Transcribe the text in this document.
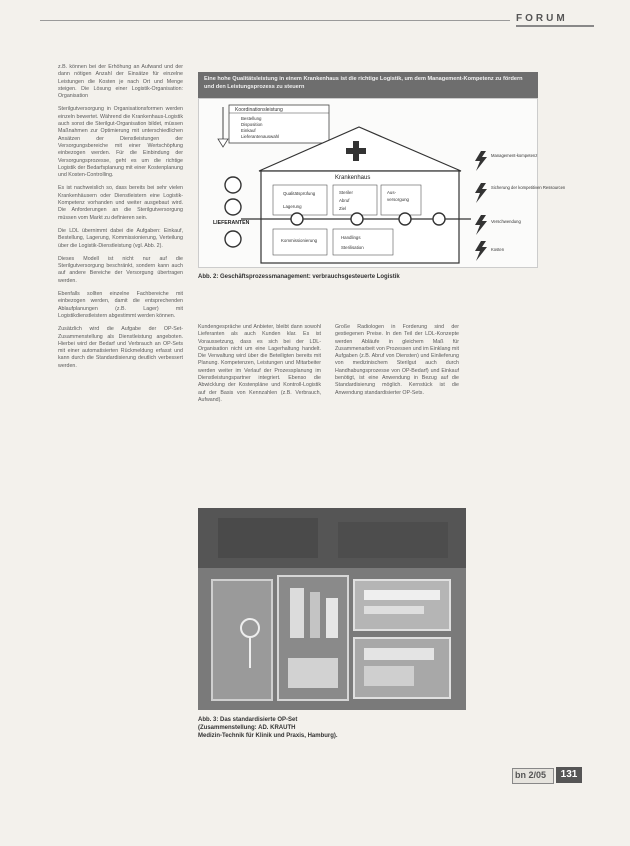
FORUM

z.B. können bei der Erhöhung an Aufwand und der dann nötigen Anzahl der Einsätze für einzelne Leistungen die Kosten je nach Ort und Menge steigen. Die Lösung einer Logistik-Organisation: Organisation

Sterilgutversorgung in Organisationsformen werden einzeln bewertet. Während die Krankenhaus-Logistik auch sonst die Sterilgut-Organisation bildet, müssen Maßnahmen zur Optimierung mit unterschiedlichen Ansätzen der Dienstleistungen der Versorgungsbereiche mit einer Wertschöpfung einbezogen werden. Für die Einbindung der Versorgungsprozesse, geht es um die richtige Logistik der Bedarfsplanung mit einer Kostenplanung und Kosten-Controlling.

Es ist nachweislich so, dass bereits bei sehr vielen Krankenhäusern oder Dienstleistern eine Logistik-Kompetenz vorhanden und weiter ausgebaut wird. Die Anforderungen an die Sterilgutversorgung müssen vom Markt zu definieren sein.

Die LDL übernimmt dabei die Aufgaben: Einkauf, Bestellung, Lagerung, Kommissionierung, Verteilung über die Logistik-Dienstleistung (vgl. Abb. 2).

Dieses Modell ist nicht nur auf die Sterilgutversorgung beschränkt, sondern kann auch auf andere Bereiche der Versorgung übertragen werden.

Ebenfalls sollten einzelne Fachbereiche mit einbezogen werden, damit die entsprechenden Ablaufplanungen (z.B. Lager) mit Logistikdienstleistern abgestimmt werden können.

Zusätzlich wird die Aufgabe der OP-Set-Zusammenstellung als Dienstleistung angeboten. Hierbei wird der Bedarf und Verbrauch an OP-Sets mit einer automatisierten Rückmeldung erfasst und kann durch die Standardisierung deutlich verbessert werden.

Eine hohe Qualitätsleistung in einem Krankenhaus ist die richtige Logistik, um dem Management-Kompetenz zu fördern und den Leistungsprozess zu steuern
Koordinationsleistung
Bestellung
Disposition
Einkauf
Lieferantenauswahl
Krankenhaus
Qualitätsprüfung
Lagerung
Steriler
Abruf
Ziel
Aus-
versorgung
Kommissionierung
Handlings
Sterilisation
LIEFERANTEN
Management-kompetenz
Sicherung der kompetitiven Ressourcen
Verschwendung
Kosten
Abb. 2: Geschäftsprozessmanagement: verbrauchsgesteuerte Logistik

Kundengespräche und Anbieter, bleibt dann sowohl Lieferanten als auch Kunden klar. Es ist Voraussetzung, dass es sich bei der LDL-Organisation nicht um eine Lagerhaltung handelt. Die Verwaltung wird über die Beteiligten bereits mit Planung. Kompetenzen, Leistungen und Mitarbeiter werden weiter im Verlauf der Prozessplanung im Dienstleistungspartner integriert. Ebenso die Abwicklung der Kostenpläne und Kontroll-Logistik auf der Basis von Kennzahlen (z.B. Verbrauch, Aufwand).

Große Radiologen in Forderung sind der gestiegenen Preise. In den Teil der LDL-Konzepte werden Abläufe in gleichem Maß für Zusammenarbeit von Prozessen und im Einklang mit Aufgaben (z.B. Abruf von Diensten) und Einlieferung von medizinischem Sterilgut auch durch Handhabungsprozesse von OP-Bedarf) und Einkauf benötigt, ist eine Anwendung in Bezug auf die Standardisierung möglich. Kernstück ist die Anwendung standardisierter OP-Sets.

Abb. 3: Das standardisierte OP-Set
(Zusammenstellung: AD. KRAUTH
Medizin-Technik für Klinik und Praxis, Hamburg).
bn 2/05	131
